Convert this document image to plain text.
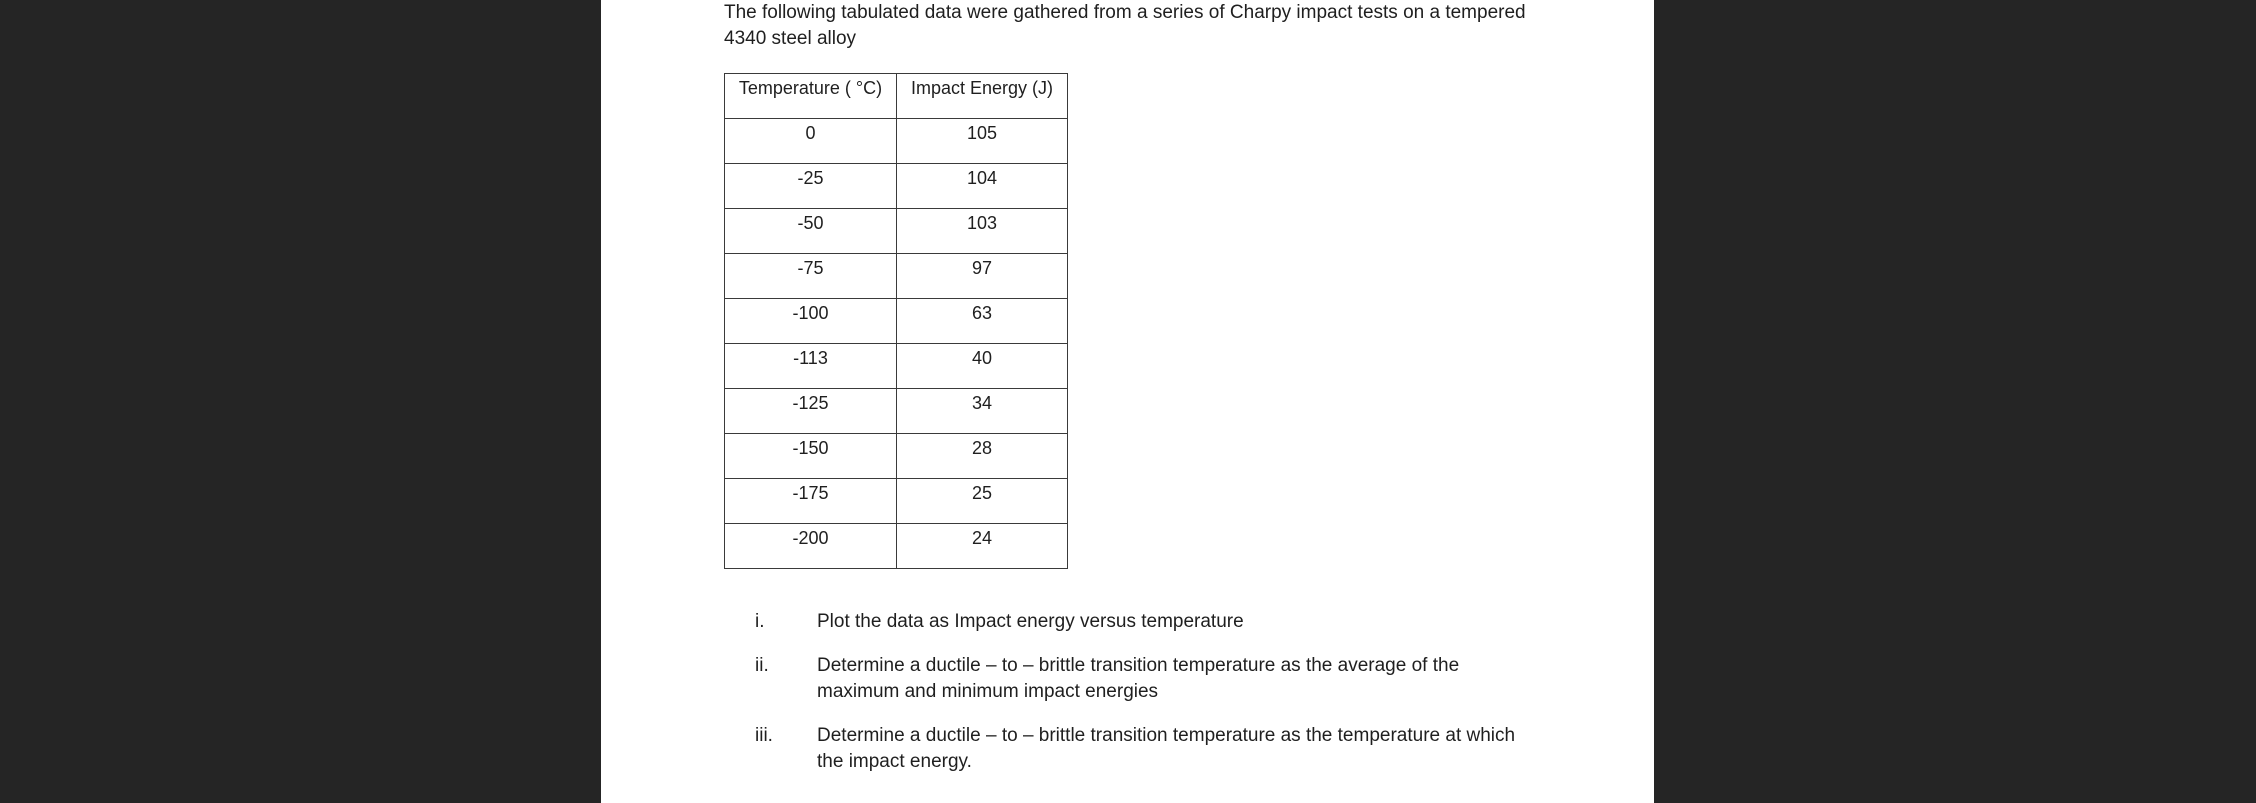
The following tabulated data were gathered from a series of Charpy impact tests on a tempered 4340 steel alloy
Temperature ( °C)	Impact Energy (J)
0	105
-25	104
-50	103
-75	97
-100	63
-113	40
-125	34
-150	28
-175	25
-200	24
i.	Plot the data as Impact energy versus temperature
ii.	Determine a ductile – to – brittle transition temperature as the average of the maximum and minimum impact energies
iii. Determine a ductile – to – brittle transition temperature as the temperature at which the impact energy.
